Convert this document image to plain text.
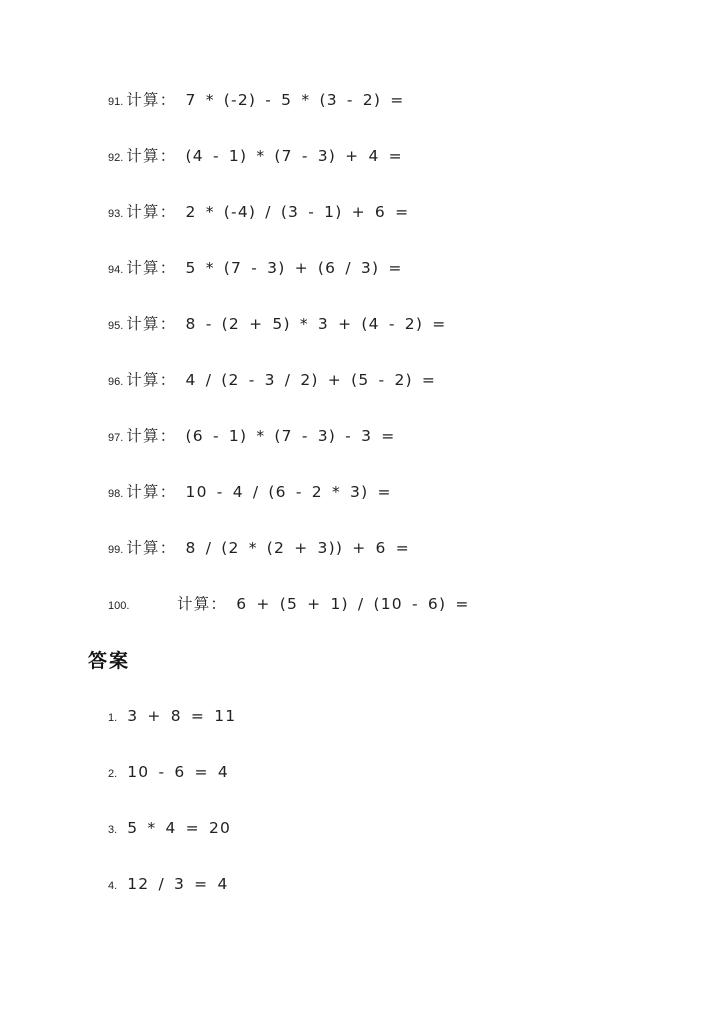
91. 计算： 7 * (-2) - 5 * (3 - 2) =
92. 计算： (4 - 1) * (7 - 3) + 4 =
93. 计算： 2 * (-4) / (3 - 1) + 6 =
94. 计算： 5 * (7 - 3) + (6 / 3) =
95. 计算： 8 - (2 + 5) * 3 + (4 - 2) =
96. 计算： 4 / (2 - 3 / 2) + (5 - 2) =
97. 计算： (6 - 1) * (7 - 3) - 3 =
98. 计算： 10 - 4 / (6 - 2 * 3) =
99. 计算： 8 / (2 * (2 + 3)) + 6 =
100.	计算： 6 + (5 + 1) / (10 - 6) =
答案
1. 3 + 8 = 11
2. 10 - 6 = 4
3. 5 * 4 = 20
4. 12 / 3 = 4
